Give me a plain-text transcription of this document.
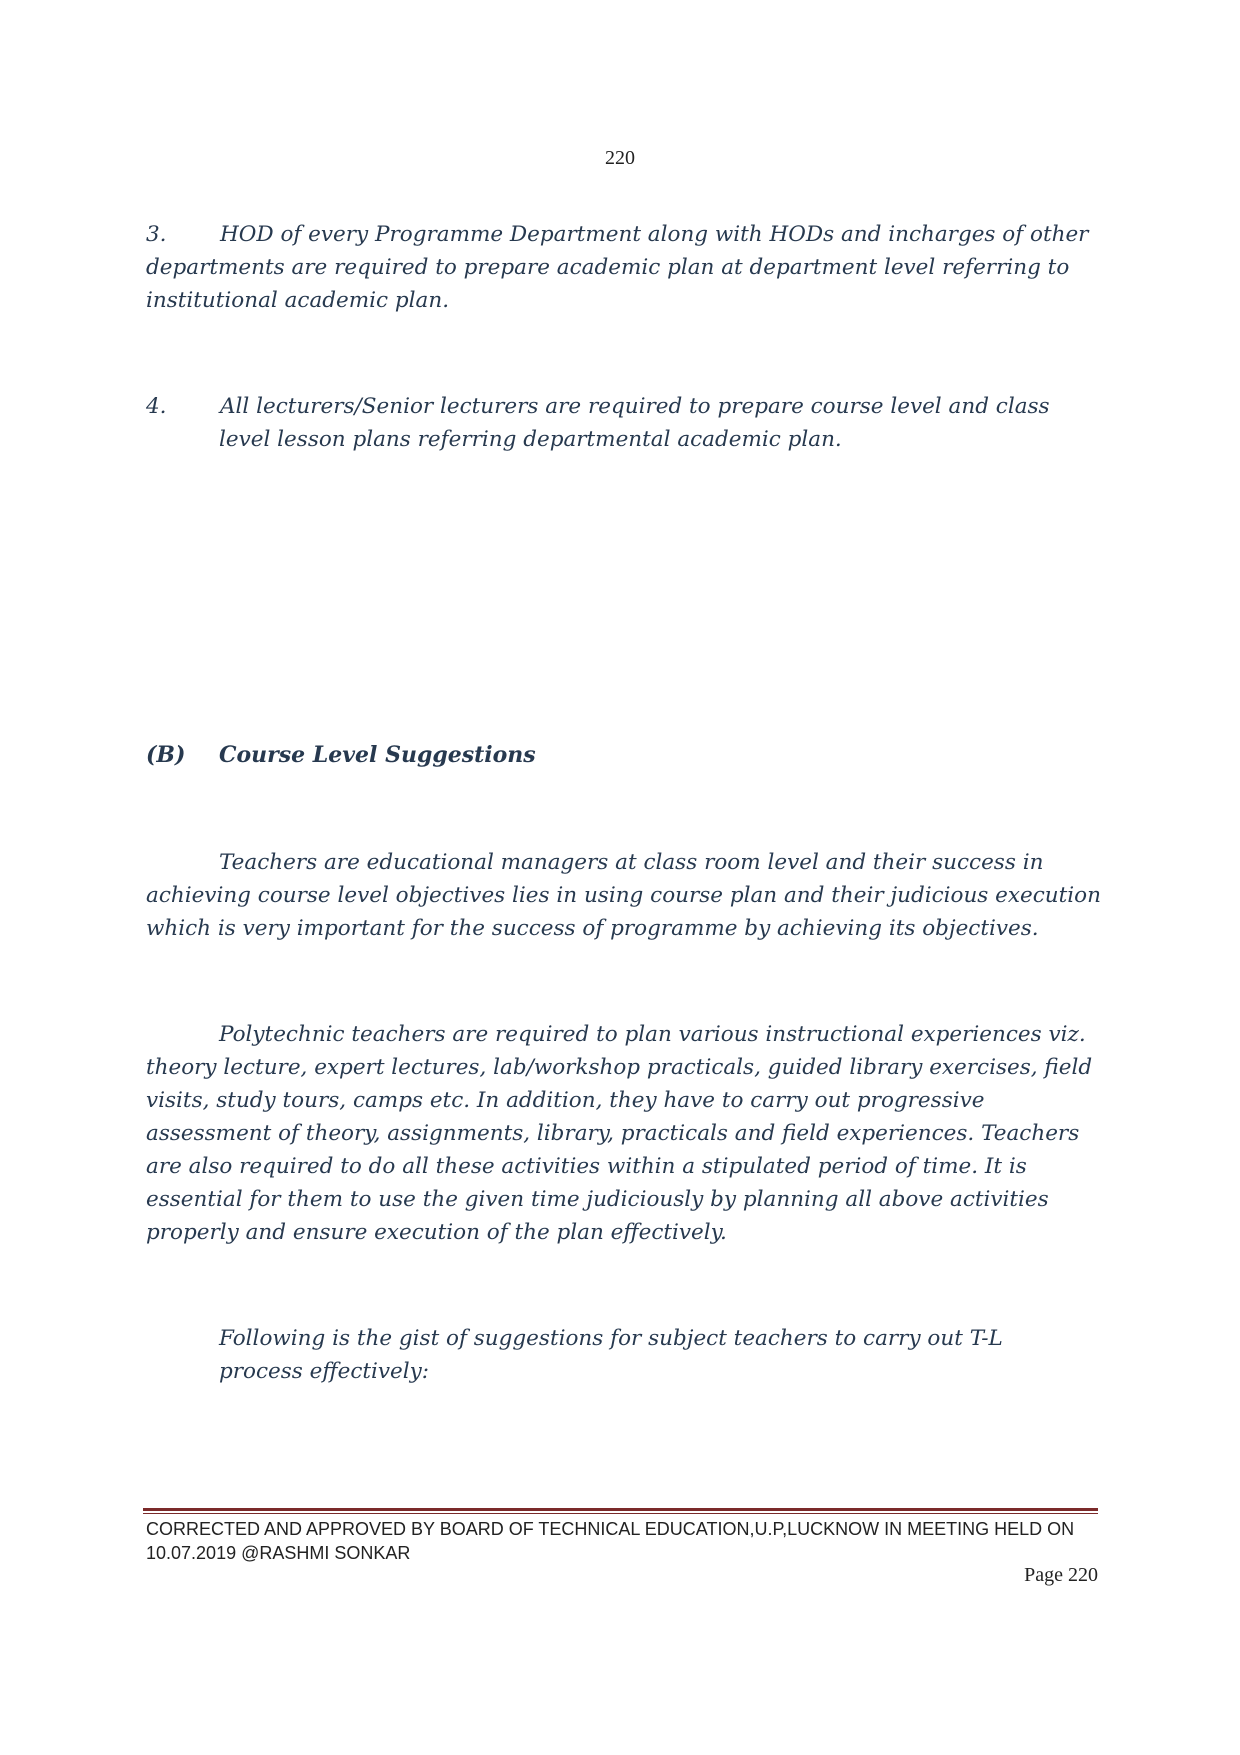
220
3. HOD of every Programme Department along with HODs and incharges of other departments are required to prepare academic plan at department level referring to institutional academic plan.
4. All lecturers/Senior lecturers are required to prepare course level and class level lesson plans referring departmental academic plan.
(B) Course Level Suggestions
Teachers are educational managers at class room level and their success in achieving course level objectives lies in using course plan and their judicious execution which is very important for the success of programme by achieving its objectives.
Polytechnic teachers are required to plan various instructional experiences viz. theory lecture, expert lectures, lab/workshop practicals, guided library exercises, field visits, study tours, camps etc. In addition, they have to carry out progressive assessment of theory, assignments, library, practicals and field experiences. Teachers are also required to do all these activities within a stipulated period of time. It is essential for them to use the given time judiciously by planning all above activities properly and ensure execution of the plan effectively.
Following is the gist of suggestions for subject teachers to carry out T-L process effectively:
CORRECTED AND APPROVED BY BOARD OF TECHNICAL EDUCATION,U.P,LUCKNOW IN MEETING HELD ON 10.07.2019 @RASHMI SONKAR
Page 220
